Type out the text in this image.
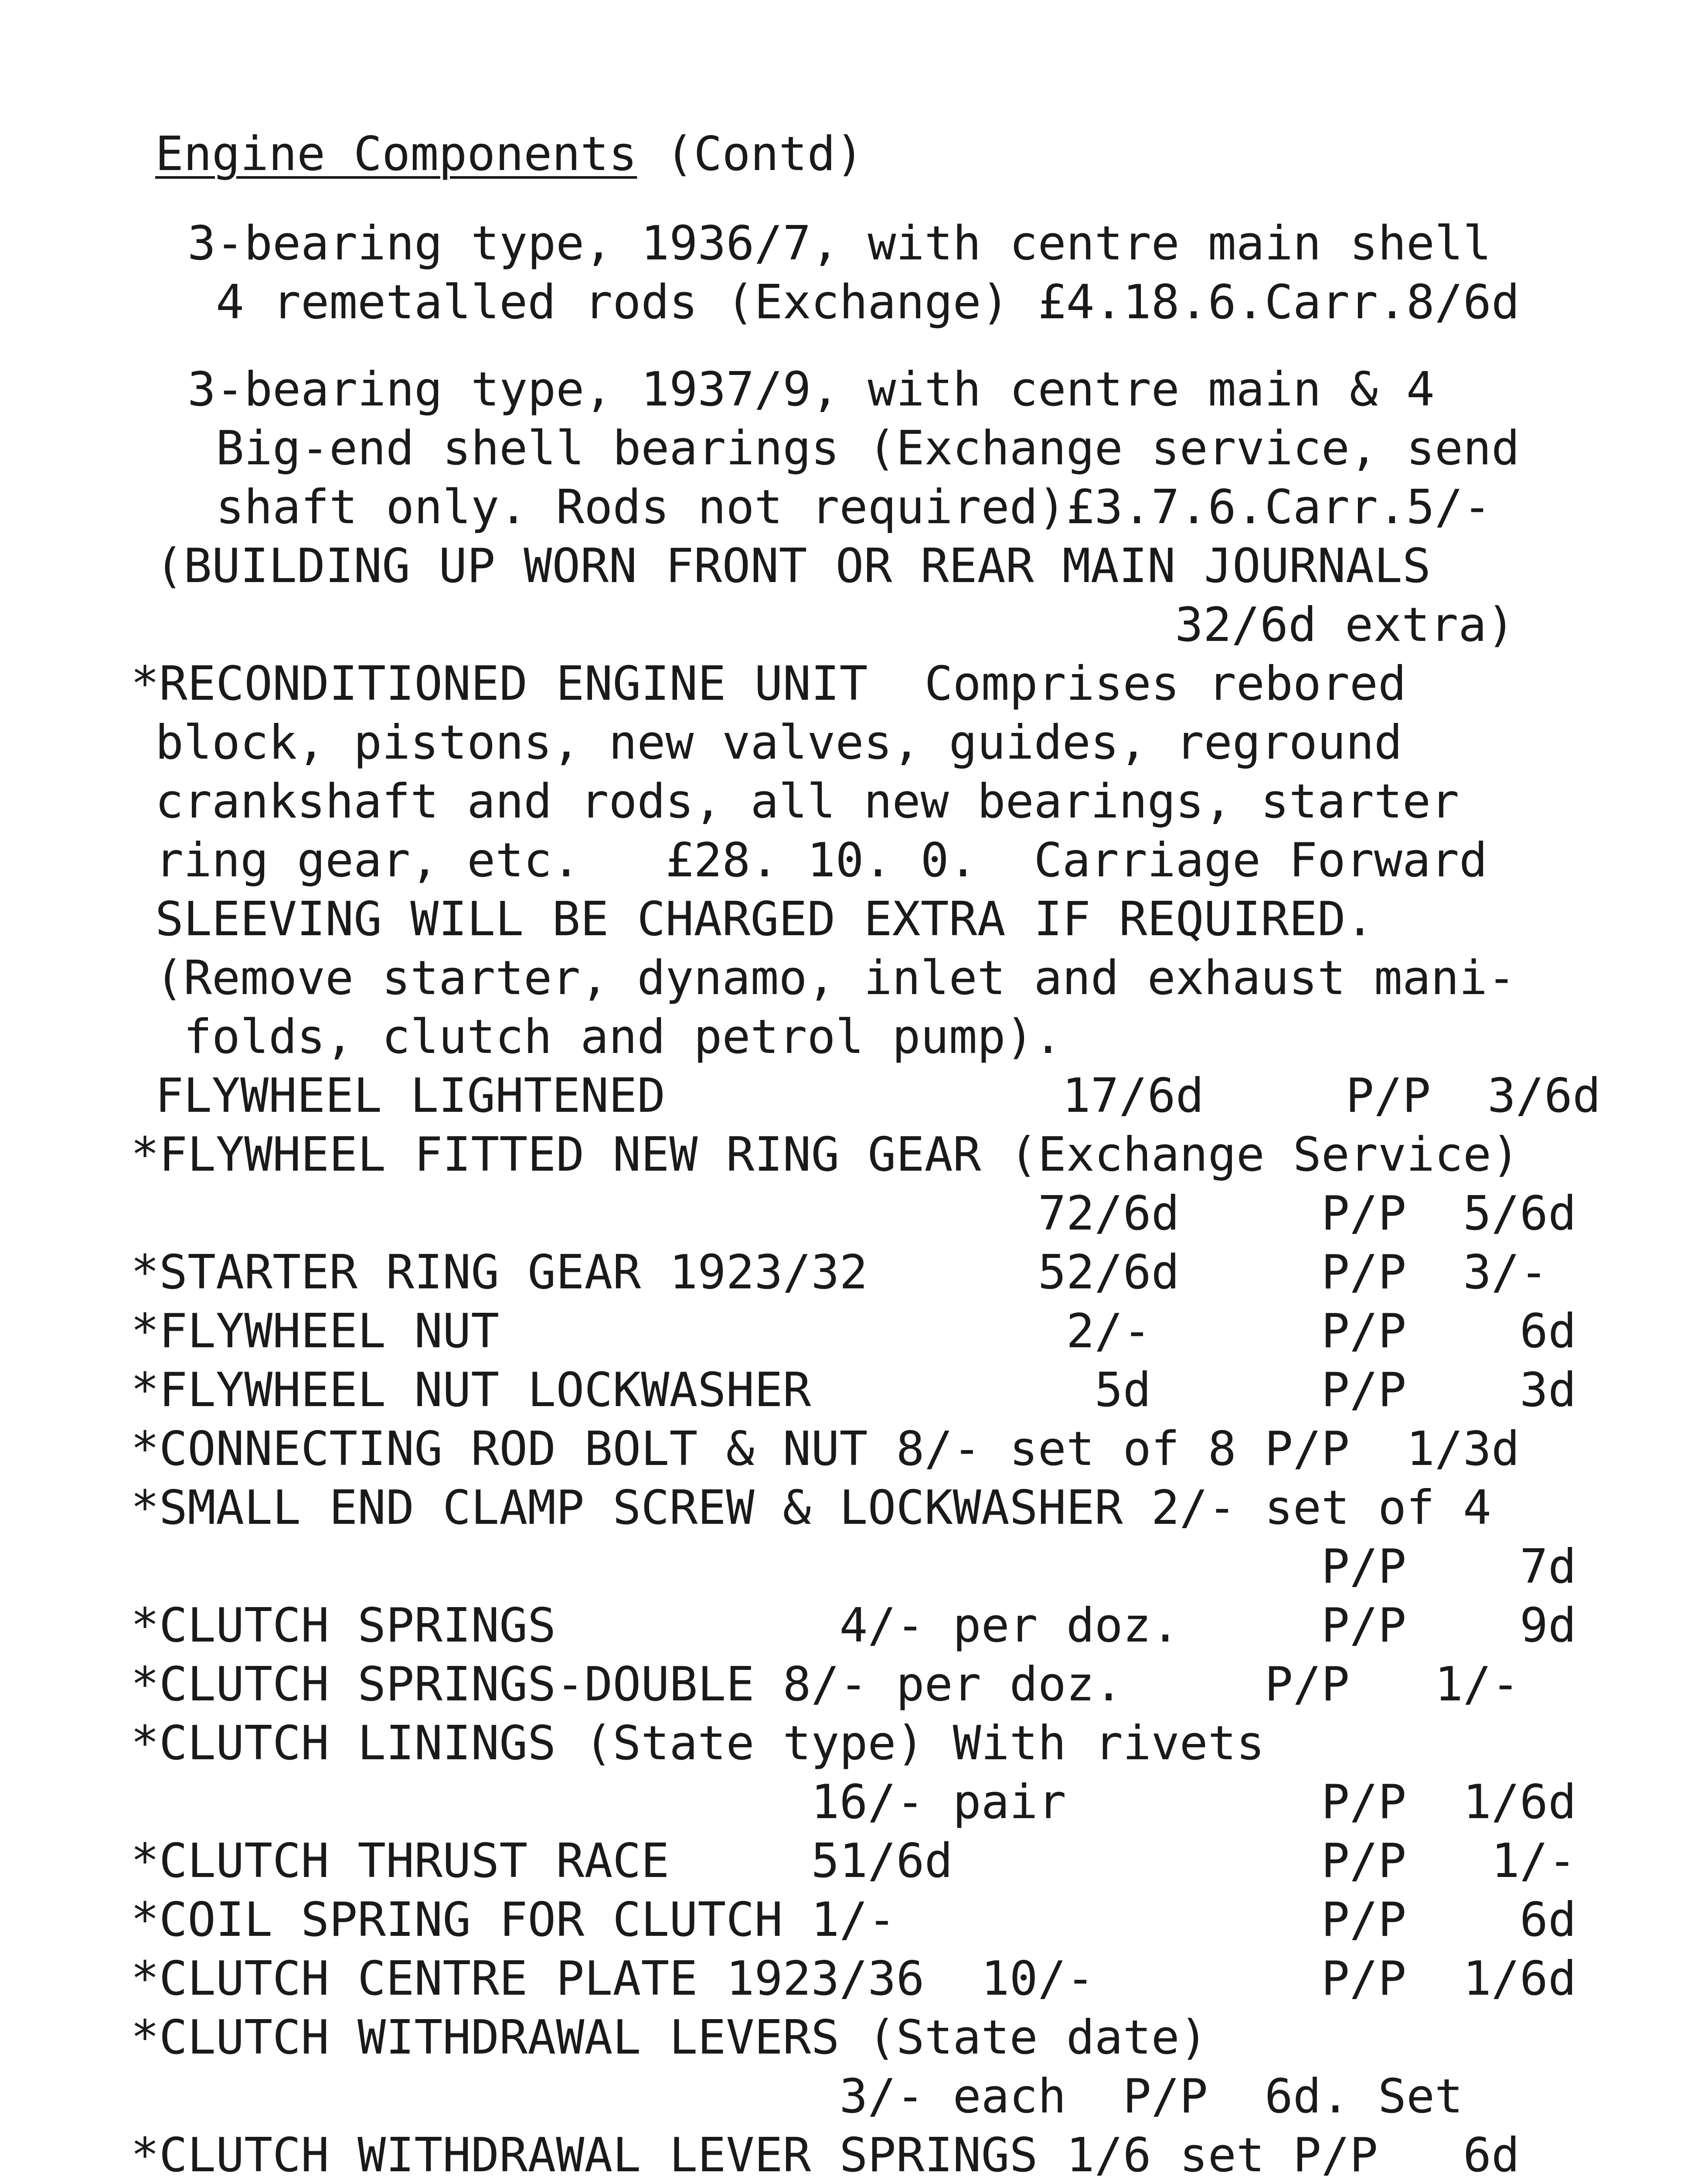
Engine Components (Contd)

3-bearing type, 1936/7, with centre main shell

4 remetalled rods (Exchange) £4.18.6.Carr.8/6d

3-bearing type, 1937/9, with centre main & 4

Big-end shell bearings (Exchange service, send

shaft only. Rods not required)£3.7.6.Carr.5/-

(BUILDING UP WORN FRONT OR REAR MAIN JOURNALS

32/6d extra)

*RECONDITIONED ENGINE UNIT  Comprises rebored

block, pistons, new valves, guides, reground

crankshaft and rods, all new bearings, starter

ring gear, etc.   £28. 10. 0.  Carriage Forward

SLEEVING WILL BE CHARGED EXTRA IF REQUIRED.

(Remove starter, dynamo, inlet and exhaust mani-

folds, clutch and petrol pump).

FLYWHEEL LIGHTENED              17/6d     P/P  3/6d

*FLYWHEEL FITTED NEW RING GEAR (Exchange Service)

72/6d     P/P  5/6d

*STARTER RING GEAR 1923/32      52/6d     P/P  3/-

*FLYWHEEL NUT                    2/-      P/P    6d

*FLYWHEEL NUT LOCKWASHER          5d      P/P    3d

*CONNECTING ROD BOLT & NUT 8/- set of 8 P/P  1/3d

*SMALL END CLAMP SCREW & LOCKWASHER 2/- set of 4

P/P    7d

*CLUTCH SPRINGS          4/- per doz.     P/P    9d

*CLUTCH SPRINGS-DOUBLE 8/- per doz.     P/P   1/-

*CLUTCH LININGS (State type) With rivets

16/- pair         P/P  1/6d

*CLUTCH THRUST RACE     51/6d             P/P   1/-

*COIL SPRING FOR CLUTCH 1/-               P/P    6d

*CLUTCH CENTRE PLATE 1923/36  10/-        P/P  1/6d

*CLUTCH WITHDRAWAL LEVERS (State date)

3/- each  P/P  6d. Set

*CLUTCH WITHDRAWAL LEVER SPRINGS 1/6 set P/P   6d
